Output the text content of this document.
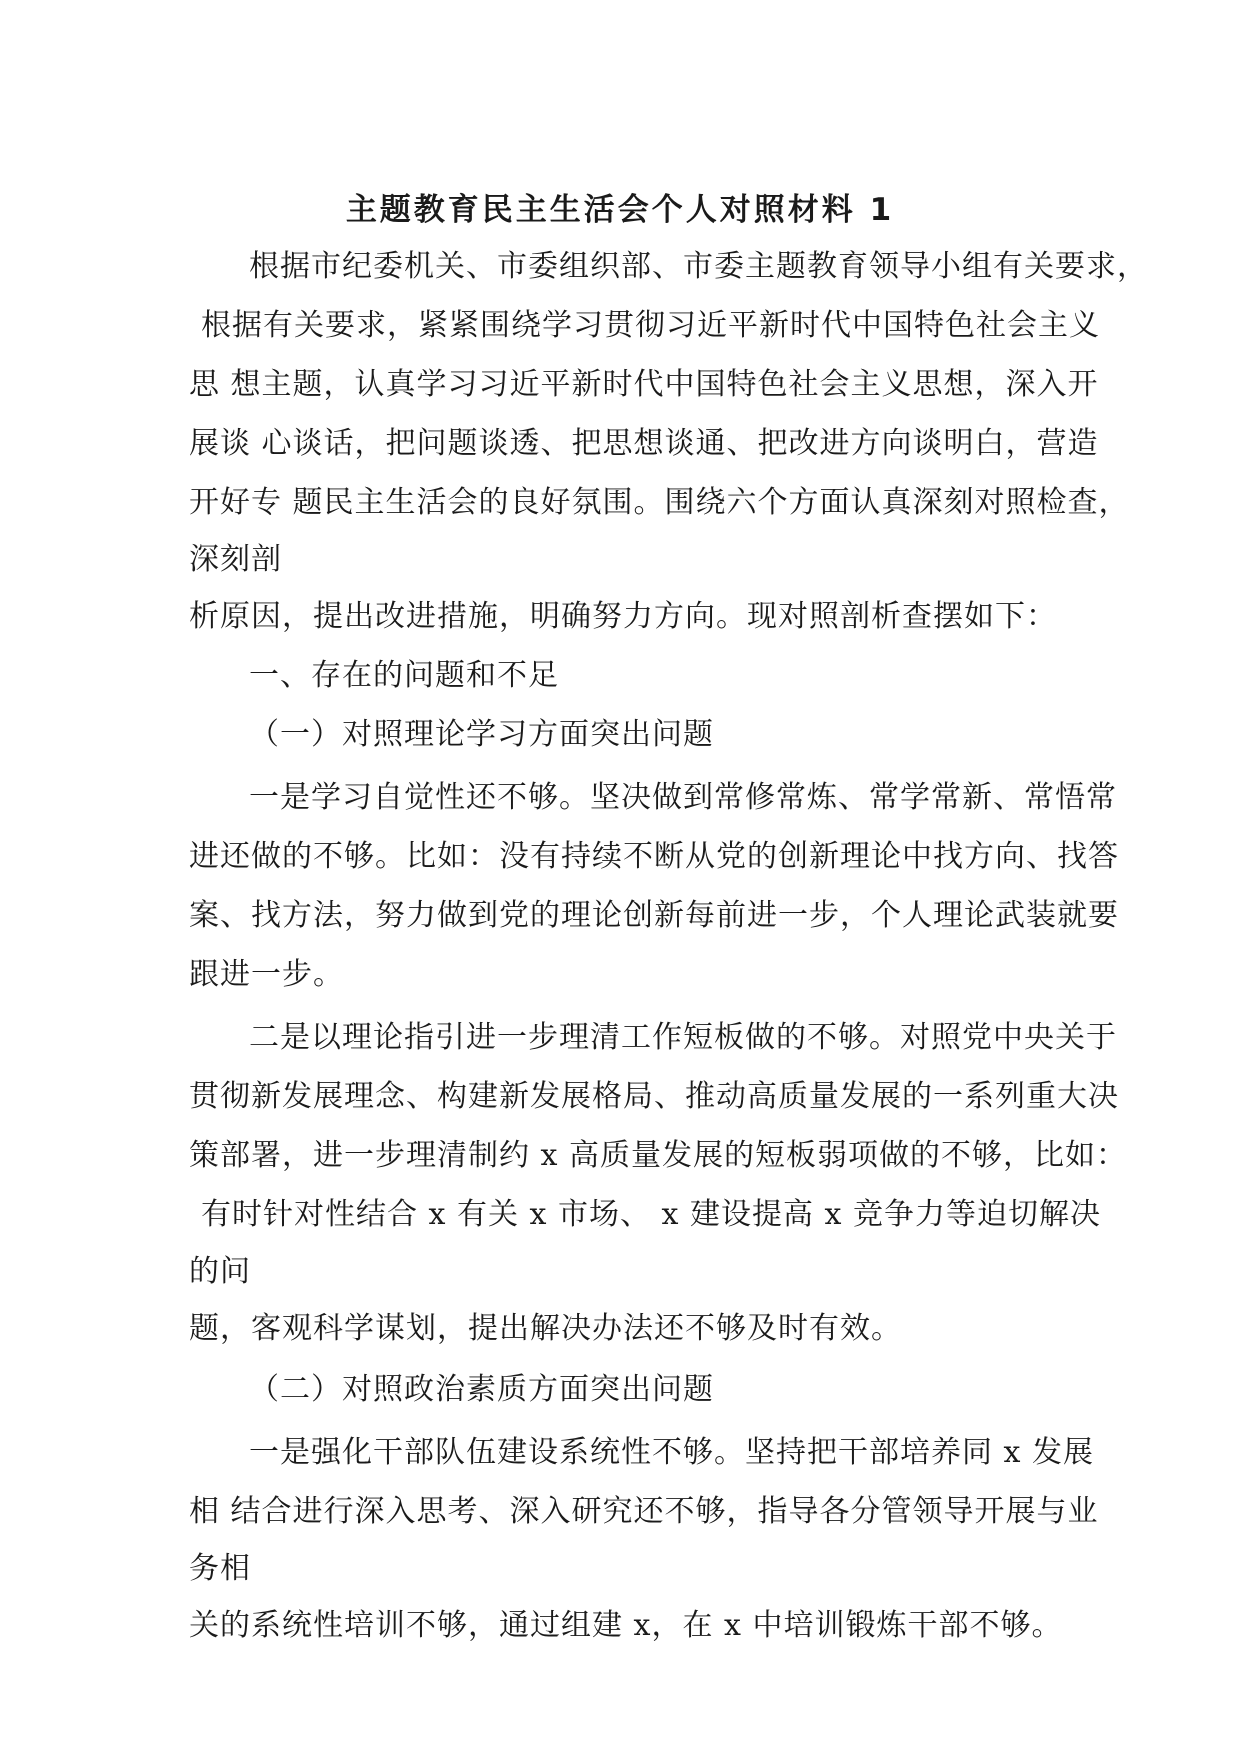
主题教育民主生活会个人对照材料 1
根据市纪委机关、市委组织部、市委主题教育领导小组有关要求，
根据有关要求，紧紧围绕学习贯彻习近平新时代中国特色社会主义
思 想主题，认真学习习近平新时代中国特色社会主义思想，深入开
展谈 心谈话，把问题谈透、把思想谈通、把改进方向谈明白，营造
开好专 题民主生活会的良好氛围。围绕六个方面认真深刻对照检查，
深刻剖
析原因，提出改进措施，明确努力方向。现对照剖析查摆如下：
一、存在的问题和不足
（一）对照理论学习方面突出问题
一是学习自觉性还不够。坚决做到常修常炼、常学常新、常悟常
进还做的不够。比如：没有持续不断从党的创新理论中找方向、找答
案、找方法，努力做到党的理论创新每前进一步，个人理论武装就要
跟进一步。
二是以理论指引进一步理清工作短板做的不够。对照党中央关于
贯彻新发展理念、构建新发展格局、推动高质量发展的一系列重大决
策部署，进一步理清制约 x 高质量发展的短板弱项做的不够，比如：
有时针对性结合 x 有关 x 市场、 x 建设提高 x 竞争力等迫切解决
的问
题，客观科学谋划，提出解决办法还不够及时有效。
（二）对照政治素质方面突出问题
一是强化干部队伍建设系统性不够。坚持把干部培养同 x 发展
相 结合进行深入思考、深入研究还不够，指导各分管领导开展与业
务相
关的系统性培训不够，通过组建 x，在 x 中培训锻炼干部不够。
